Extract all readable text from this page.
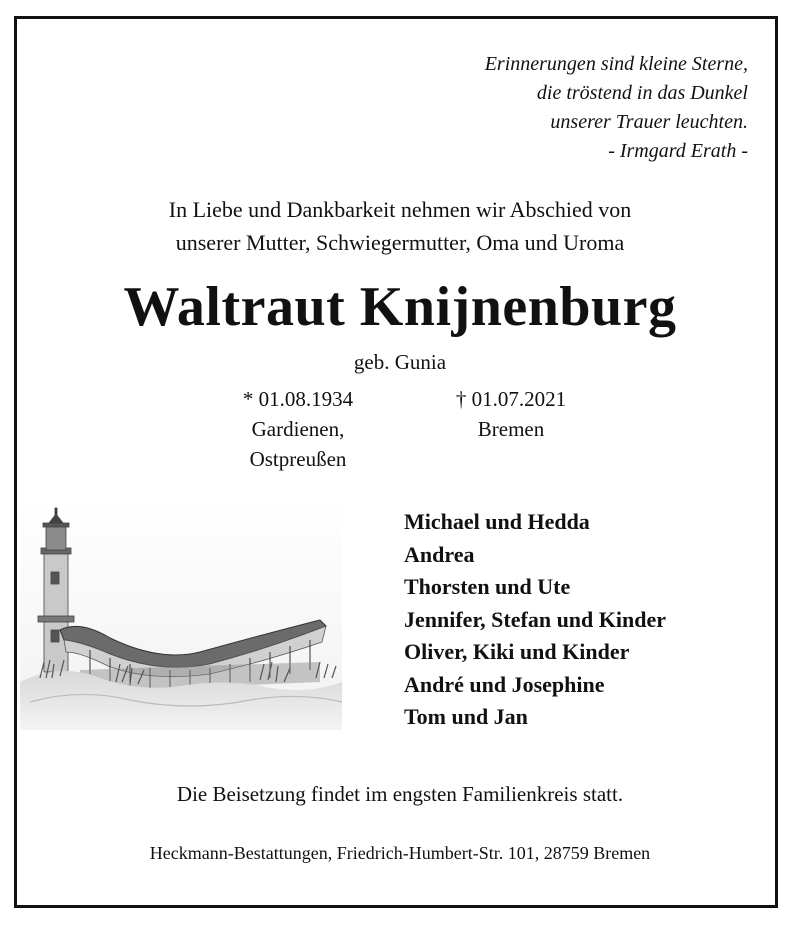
Erinnerungen sind kleine Sterne,
die tröstend in das Dunkel
unserer Trauer leuchten.
- Irmgard Erath -
In Liebe und Dankbarkeit nehmen wir Abschied von
unserer Mutter, Schwiegermutter, Oma und Uroma
Waltraut Knijnenburg
geb. Gunia
* 01.08.1934
Gardienen,
Ostpreußen
† 01.07.2021
Bremen
Michael und Hedda
Andrea
Thorsten und Ute
Jennifer, Stefan und Kinder
Oliver, Kiki und Kinder
André und Josephine
Tom und Jan
Die Beisetzung findet im engsten Familienkreis statt.
Heckmann-Bestattungen, Friedrich-Humbert-Str. 101, 28759 Bremen
